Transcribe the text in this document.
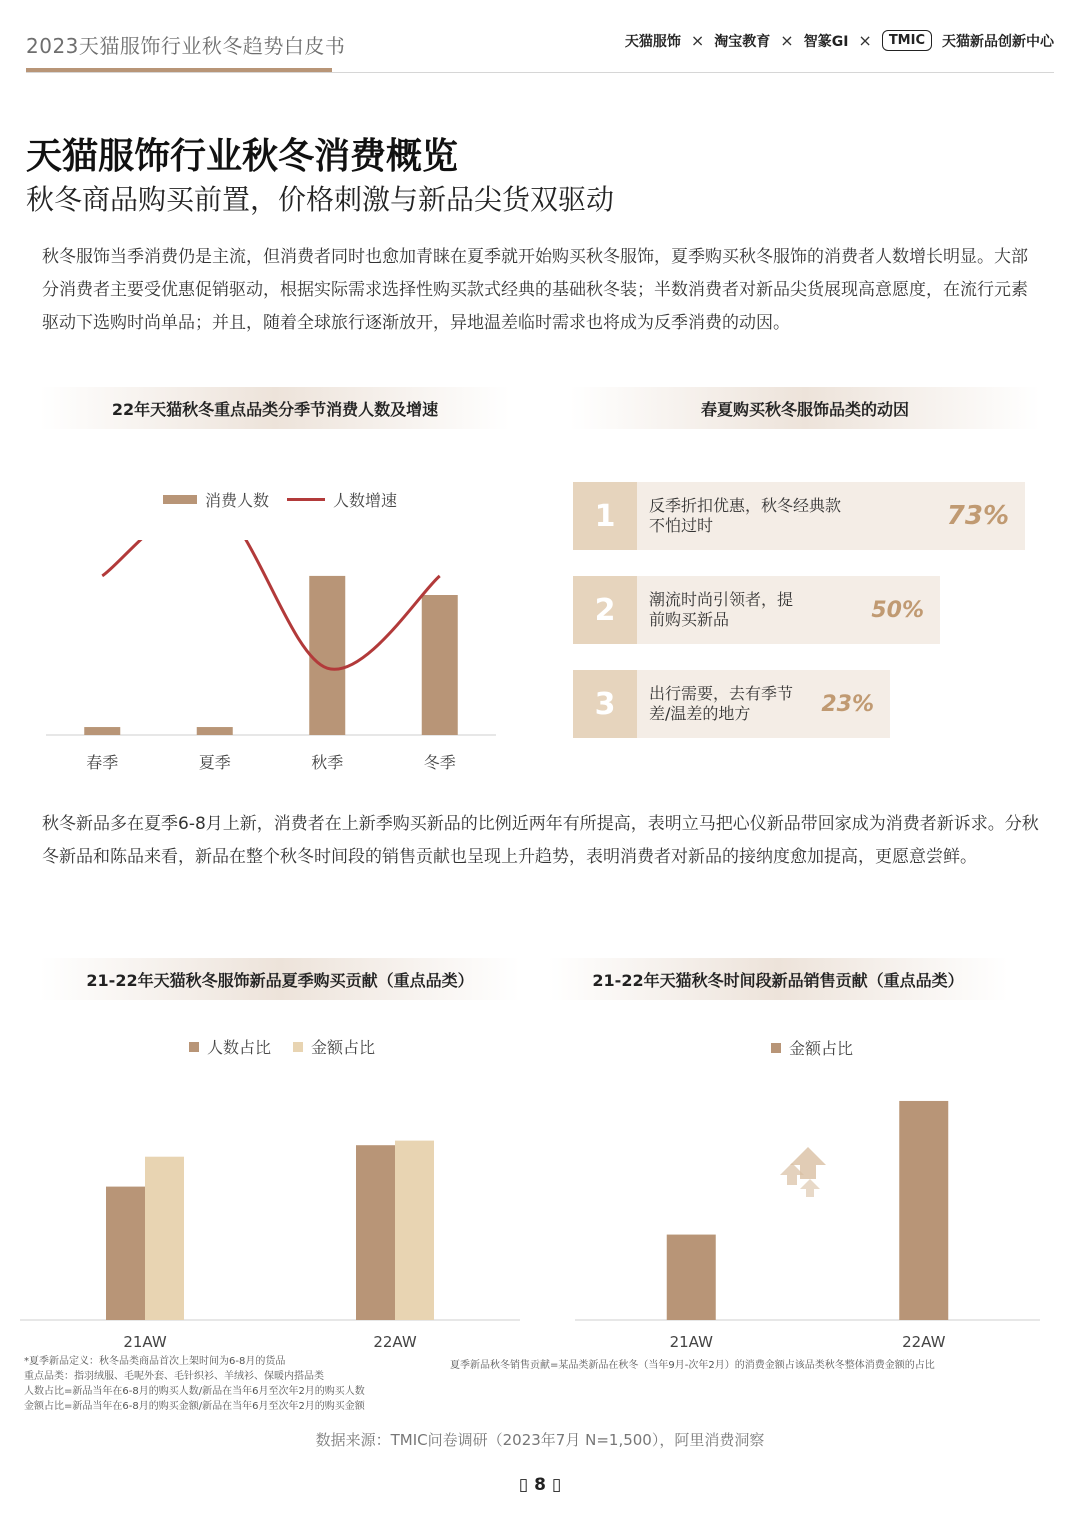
2023天猫服饰行业秋冬趋势白皮书	天猫服饰 × 淘宝教育 × 智篆GI ×	TMIC	天猫新品创新中心
天猫服饰行业秋冬消费概览
秋冬商品购买前置，价格刺激与新品尖货双驱动
秋冬服饰当季消费仍是主流，但消费者同时也愈加青睐在夏季就开始购买秋冬服饰，夏季购买秋冬服饰的消费者人数增长明显。大部分消费者主要受优惠促销驱动，根据实际需求选择性购买款式经典的基础秋冬装；半数消费者对新品尖货展现高意愿度，在流行元素驱动下选购时尚单品；并且，随着全球旅行逐渐放开，异地温差临时需求也将成为反季消费的动因。
22年天猫秋冬重点品类分季节消费人数及增速	春夏购买秋冬服饰品类的动因
消费人数	人数增速
春季	夏季	秋季	冬季
1	反季折扣优惠，秋冬经典款不怕过时	73%
2	潮流时尚引领者，提前购买新品	50%
3	出行需要，去有季节差/温差的地方	23%
秋冬新品多在夏季6-8月上新，消费者在上新季购买新品的比例近两年有所提高，表明立马把心仪新品带回家成为消费者新诉求。分秋冬新品和陈品来看，新品在整个秋冬时间段的销售贡献也呈现上升趋势，表明消费者对新品的接纳度愈加提高，更愿意尝鲜。
21-22年天猫秋冬服饰新品夏季购买贡献（重点品类）	21-22年天猫秋冬时间段新品销售贡献（重点品类）
人数占比	金额占比	金额占比
21AW	22AW	21AW	22AW
*夏季新品定义：秋冬品类商品首次上架时间为6-8月的货品
重点品类：指羽绒服、毛呢外套、毛针织衫、羊绒衫、保暖内搭品类
人数占比=新品当年在6-8月的购买人数/新品在当年6月至次年2月的购买人数
金额占比=新品当年在6-8月的购买金额/新品在当年6月至次年2月的购买金额
夏季新品秋冬销售贡献=某品类新品在秋冬（当年9月-次年2月）的消费金额占该品类秋冬整体消费金额的占比
数据来源：TMIC问卷调研（2023年7月 N=1,500），阿里消费洞察
▯ 8 ▯
